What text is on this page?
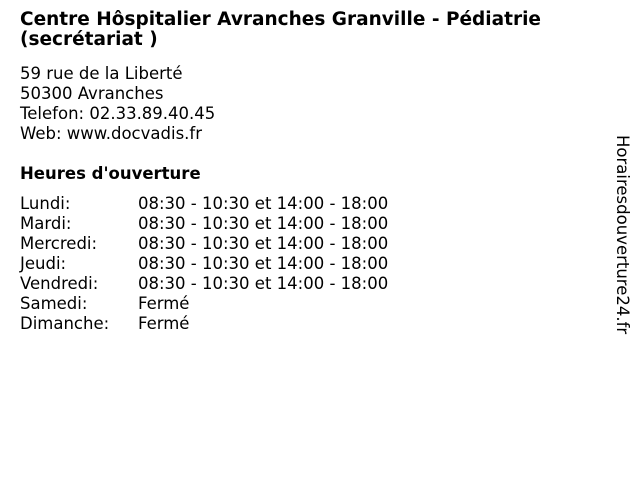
Centre Hôspitalier Avranches Granville - Pédiatrie (secrétariat )
59 rue de la Liberté
50300 Avranches
Telefon: 02.33.89.40.45
Web: www.docvadis.fr
Heures d'ouverture
Lundi:	08:30 - 10:30 et 14:00 - 18:00
Mardi:	08:30 - 10:30 et 14:00 - 18:00
Mercredi:	08:30 - 10:30 et 14:00 - 18:00
Jeudi:	08:30 - 10:30 et 14:00 - 18:00
Vendredi:	08:30 - 10:30 et 14:00 - 18:00
Samedi:	Fermé
Dimanche:	Fermé	Horairesdouverture24.fr
